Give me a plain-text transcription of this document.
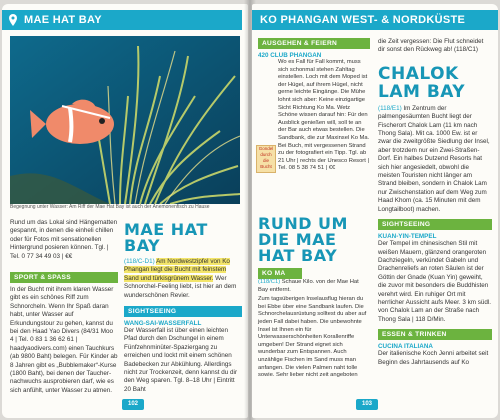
MAE HAT BAY
Begegnung unter Wasser: Am Riff der Mae Hat Bay ist auch der Anemonenfisch zu Hause
Rund um das Lokal sind Hängematten gespannt, in denen die einheli chillen oder für Fotos mit sensationellen Hintergrund posieren können. Tgl. | Tel. 0 77 34 49 03 | €€
SPORT & SPASS
In der Bucht mit ihrem klaren Wasser gibt es ein schönes Riff zum Schnorcheln. Wenn Ihr Spaß daran habt, unter Wasser auf Erkundungstour zu gehen, kannst du bei den Haad Yao Divers (84/31 Moo 4 | Tel. 0 83 1 36 62 61 | haadyaodivers.com) einen Tauchkurs (ab 9800 Baht) belegen. Für Kinder ab 8 Jahren gibt es „Bubblemaker“-Kurse (1800 Baht), bei denen der Taucher-nachwuchs ausprobieren darf, wie es sich anfühlt, unter Wasser zu atmen.
MAE HAT BAY
(118/C-D1) Am Nordwestzipfel von Ko Phangan liegt die Bucht mit feinstem Sand und türkisgrünem Wasser. Wer Schnorchel-Feeling liebt, ist hier an dem wunderschönen Revier.
SIGHTSEEING
WANG-SAI-WASSERFALL
Der Wasserfall ist über einen leichten Pfad durch den Dschungel in einem Fünfzehnminüter-Spaziergang zu erreichen und lockt mit einem schönen Badebecken zur Abkühlung. Allerdings nicht zur Trockenzeit, denn kannst du dir den Weg sparen. Tgl. 8–18 Uhr | Eintritt 20 Baht
102
KO PHANGAN WEST- & NORDKÜSTE
AUSGEHEN & FEIERN
420 CLUB PHANGAN
Wo es Fall für Fall kommt, muss sich schonmal stehen Zahltag einstellen. Loch mit dem Moped ist der Hügel, auf ihrem Hügel, nicht gerne leichte Eingänge. Die Mühe lohnt sich aber: Keine einzigartige Sicht Richtung Ko Ma. Wetz Schöne wissen darauf hin: Für den Ausblick genießen will, soll te an der Bar auch etwas bestellen. Die Sandbank, die zur Maxinsel Ko Ma. Bei Buch, mit vergessenen Strand zu der fotografiert ein Tipp. Tgl. ab 21 Uhr | rechts der Unesco Resort | Tel. 08 5 38 74 51 | €€
Gondel durch die Bucht
RUND UM DIE MAE HAT BAY
KO MA
(118/C1) Schaue Kilo. von der Mae Hat Bay entfernt.
Zum tagsüberigen Inselausflug hieran du bei Ebbe über eine Sandbank laufen. Die Schnorchelausrüstung solltest du aber auf jeden Fall dabei haben. Die unbewohnte Insel ist Ihnen ein für Unterwasserschönheiten Korallenriffe umgeben! Der Strand eignet sich wunderbar zum Entspannen. Auch unzählige Fischen im Sand muss man anfangen. Die vielen Palmen naht tolle sowie. Sehr lieber nicht zeit angeboten
die Zeit vergessen: Die Flut schneidet dir sonst den Rückweg ab! (118/C1)
CHALOK LAM BAY
(118/E1) Im Zentrum der palmengesäumten Bucht liegt der Fischerort Chalok Lam (11 km nach Thong Sala). Mit ca. 1000 Ew. ist er zwar die zweitgrößte Siedlung der Insel, aber trotzdem nur ein Zwei-Straßen-Dorf. Ein halbes Dutzend Resorts hat sich hier angesiedelt, obwohl die meisten Touristen nicht länger am Strand bleiben, sondern in Chalok Lam nur Zwischenstation auf dem Weg zum Haad Khom (ca. 15 Minuten mit dem Longtailboot) machen.
SIGHTSEEING
KUAN-YIN-TEMPEL
Der Tempel im chinesischen Stil mit weißen Mauern, glänzend orangeroten Dachziegeln, verkündet Gabeln und Drachenreliefs an roten Säulen ist der Göttin der Gnade (Kuan Yin) geweiht, die zuvor mit besonders die Buddhisten verehrt wird. Ein ruhiger Ort mit herrlicher Aussicht aufs Meer. 3 km südl. von Chalok Lam an der Straße nach Thong Sala | 118 D/Min.
ESSEN & TRINKEN
CUCINA ITALIANA
Der italienische Koch Jenni arbeitet seit Beginn des Jahrtausends auf Ko
103
